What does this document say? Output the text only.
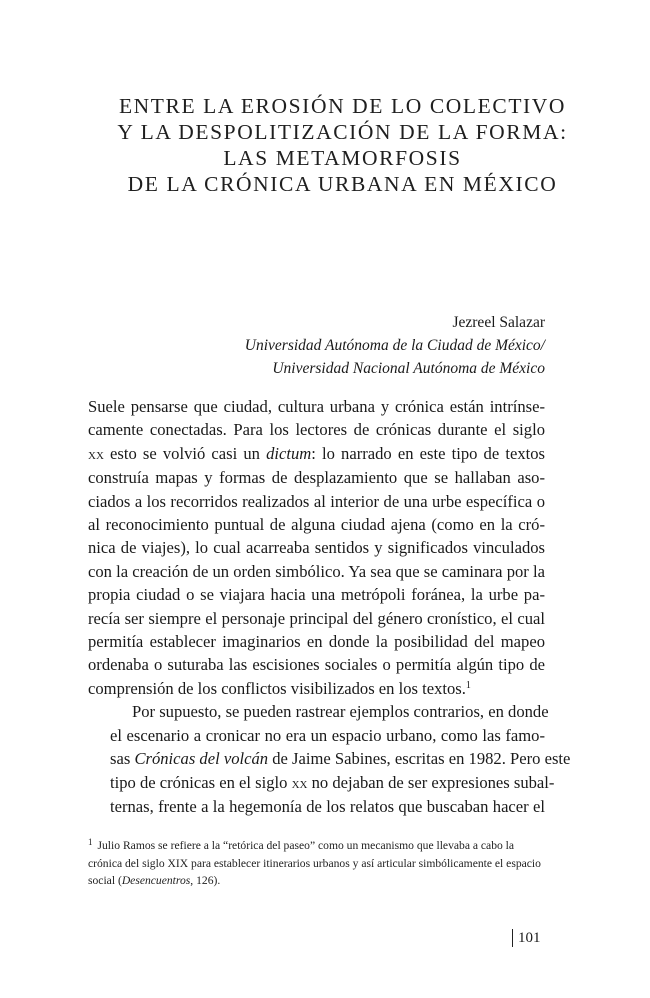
ENTRE LA EROSIÓN DE LO COLECTIVO
Y LA DESPOLITIZACIÓN DE LA FORMA:
LAS METAMORFOSIS
DE LA CRÓNICA URBANA EN MÉXICO
Jezreel Salazar
Universidad Autónoma de la Ciudad de México/
Universidad Nacional Autónoma de México

Suele pensarse que ciudad, cultura urbana y crónica están intrínse-
camente conectadas. Para los lectores de crónicas durante el siglo
xx esto se volvió casi un dictum: lo narrado en este tipo de textos
construía mapas y formas de desplazamiento que se hallaban aso-
ciados a los recorridos realizados al interior de una urbe específica o
al reconocimiento puntual de alguna ciudad ajena (como en la cró-
nica de viajes), lo cual acarreaba sentidos y significados vinculados
con la creación de un orden simbólico. Ya sea que se caminara por la
propia ciudad o se viajara hacia una metrópoli foránea, la urbe pa-
recía ser siempre el personaje principal del género cronístico, el cual
permitía establecer imaginarios en donde la posibilidad del mapeo
ordenaba o suturaba las escisiones sociales o permitía algún tipo de
comprensión de los conflictos visibilizados en los textos.$^1$

Por supuesto, se pueden rastrear ejemplos contrarios, en donde
el escenario a cronicar no era un espacio urbano, como las famo-
sas Crónicas del volcán de Jaime Sabines, escritas en 1982. Pero este
tipo de crónicas en el siglo xx no dejaban de ser expresiones subal-
ternas, frente a la hegemonía de los relatos que buscaban hacer el

$^1$ Julio Ramos se refiere a la “retórica del paseo” como un mecanismo que llevaba a cabo la crónica del siglo XIX para establecer itinerarios urbanos y así articular simbólicamente el espacio social (Desencuentros, 126).
101
